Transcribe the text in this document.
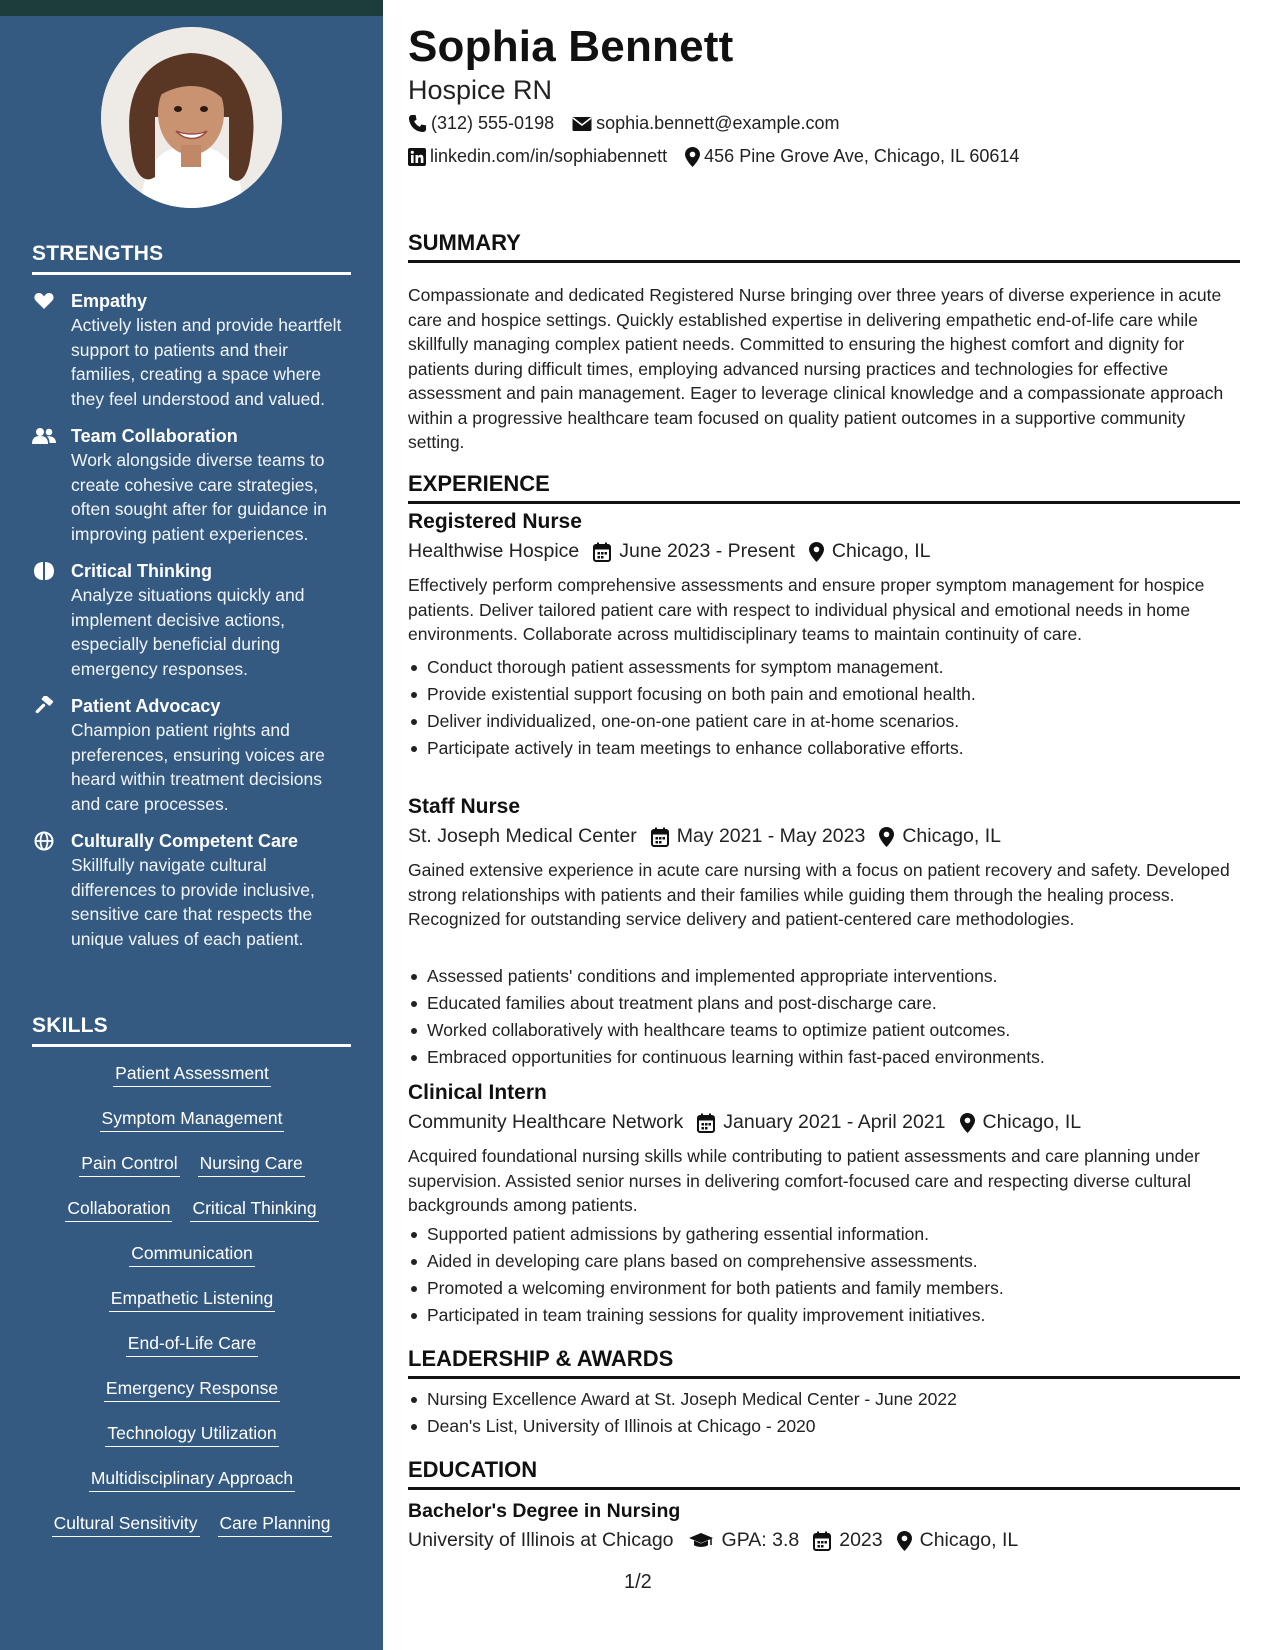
STRENGTHS
Empathy
Actively listen and provide heartfelt support to patients and their families, creating a space where they feel understood and valued.
Team Collaboration
Work alongside diverse teams to create cohesive care strategies, often sought after for guidance in improving patient experiences.
Critical Thinking
Analyze situations quickly and implement decisive actions, especially beneficial during emergency responses.
Patient Advocacy
Champion patient rights and preferences, ensuring voices are heard within treatment decisions and care processes.
Culturally Competent Care
Skillfully navigate cultural differences to provide inclusive, sensitive care that respects the unique values of each patient.
SKILLS
Patient Assessment
Symptom Management
Pain Control Nursing Care
Collaboration Critical Thinking
Communication
Empathetic Listening
End-of-Life Care
Emergency Response
Technology Utilization
Multidisciplinary Approach
Cultural Sensitivity Care Planning
Sophia Bennett
Hospice RN
(312) 555-0198 sophia.bennett@example.com
linkedin.com/in/sophiabennett 456 Pine Grove Ave, Chicago, IL 60614
SUMMARY
Compassionate and dedicated Registered Nurse bringing over three years of diverse experience in acute care and hospice settings. Quickly established expertise in delivering empathetic end-of-life care while skillfully managing complex patient needs. Committed to ensuring the highest comfort and dignity for patients during difficult times, employing advanced nursing practices and technologies for effective assessment and pain management. Eager to leverage clinical knowledge and a compassionate approach within a progressive healthcare team focused on quality patient outcomes in a supportive community setting.
EXPERIENCE
Registered Nurse
Healthwise Hospice June 2023 - Present Chicago, IL
Effectively perform comprehensive assessments and ensure proper symptom management for hospice patients. Deliver tailored patient care with respect to individual physical and emotional needs in home environments. Collaborate across multidisciplinary teams to maintain continuity of care.
Conduct thorough patient assessments for symptom management.
Provide existential support focusing on both pain and emotional health.
Deliver individualized, one-on-one patient care in at-home scenarios.
Participate actively in team meetings to enhance collaborative efforts.
Staff Nurse
St. Joseph Medical Center May 2021 - May 2023 Chicago, IL
Gained extensive experience in acute care nursing with a focus on patient recovery and safety. Developed strong relationships with patients and their families while guiding them through the healing process. Recognized for outstanding service delivery and patient-centered care methodologies.
Assessed patients' conditions and implemented appropriate interventions.
Educated families about treatment plans and post-discharge care.
Worked collaboratively with healthcare teams to optimize patient outcomes.
Embraced opportunities for continuous learning within fast-paced environments.
Clinical Intern
Community Healthcare Network January 2021 - April 2021 Chicago, IL
Acquired foundational nursing skills while contributing to patient assessments and care planning under supervision. Assisted senior nurses in delivering comfort-focused care and respecting diverse cultural backgrounds among patients.
Supported patient admissions by gathering essential information.
Aided in developing care plans based on comprehensive assessments.
Promoted a welcoming environment for both patients and family members.
Participated in team training sessions for quality improvement initiatives.
LEADERSHIP & AWARDS
Nursing Excellence Award at St. Joseph Medical Center - June 2022
Dean's List, University of Illinois at Chicago - 2020
EDUCATION
Bachelor's Degree in Nursing
University of Illinois at Chicago GPA: 3.8 2023 Chicago, IL
1/2
